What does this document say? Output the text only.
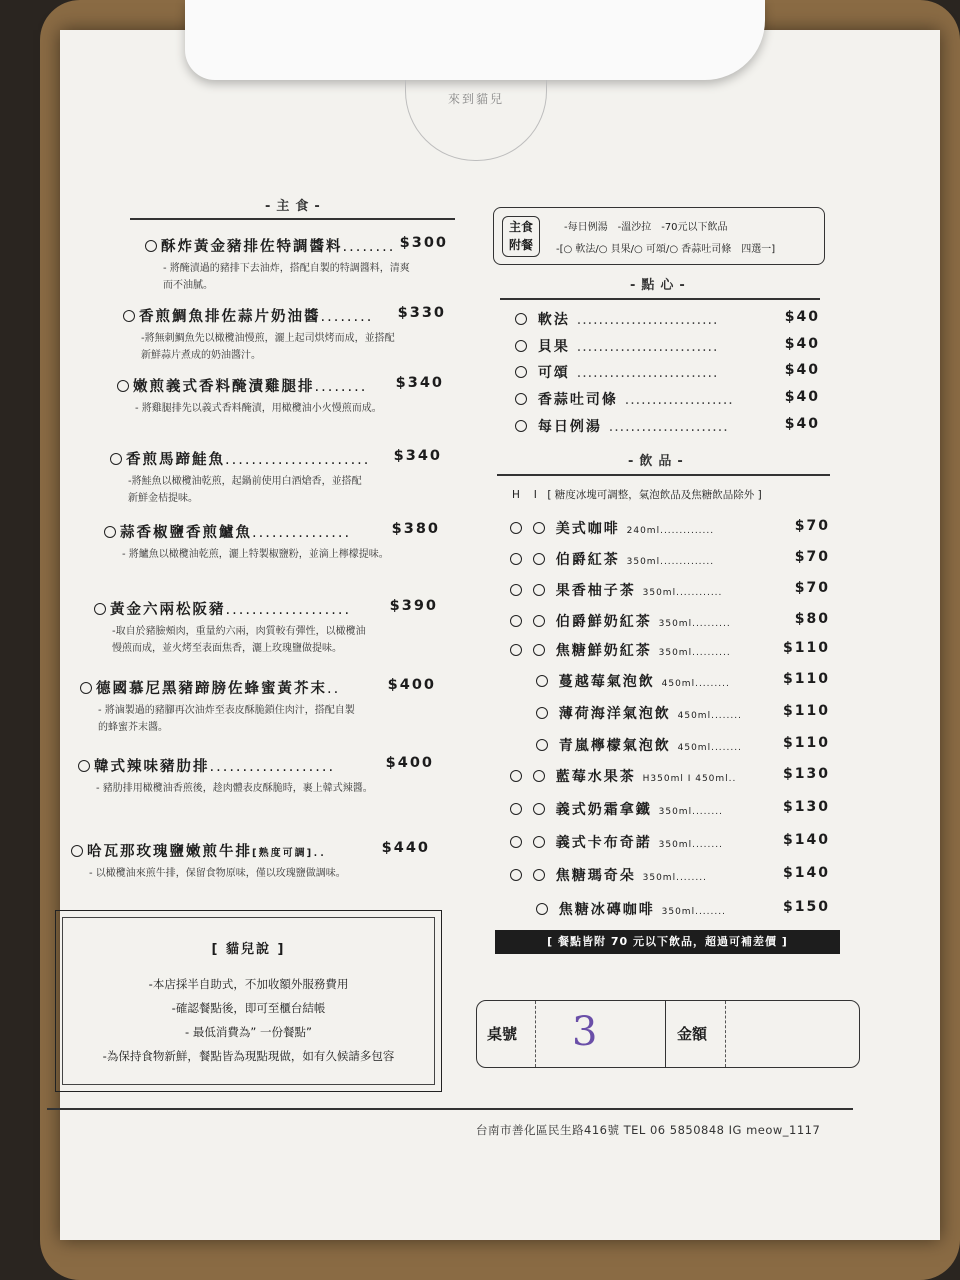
來到貓兒
-主食-
酥炸黃金豬排佐特調醬料........ $300
- 將醃漬過的豬排下去油炸，搭配自製的特調醬料，清爽
而不油膩。
香煎鯛魚排佐蒜片奶油醬........ $330
-將無刺鯛魚先以橄欖油慢煎，灑上起司烘烤而成，並搭配
新鮮蒜片煮成的奶油醬汁。
嫩煎義式香料醃漬雞腿排........ $340
- 將雞腿排先以義式香料醃漬，用橄欖油小火慢煎而成。
香煎馬蹄鮭魚...................... $340
-將鮭魚以橄欖油乾煎，起鍋前使用白酒熗香，並搭配
新鮮金桔提味。
蒜香椒鹽香煎鱸魚...............	$380
- 將鱸魚以橄欖油乾煎，灑上特製椒鹽粉，並滴上檸檬提味。
黃金六兩松阪豬...................	$390
-取自於豬臉頰肉，重量約六兩，肉質較有彈性，以橄欖油
慢煎而成，並火烤至表面焦香，灑上玫瑰鹽做提味。
德國慕尼黑豬蹄膀佐蜂蜜黃芥末..	$400
- 將滷製過的豬腳再次油炸至表皮酥脆鎖住肉汁，搭配自製
的蜂蜜芥末醬。
韓式辣味豬肋排...................	$400
- 豬肋排用橄欖油香煎後，趁肉體表皮酥脆時，裹上韓式辣醬。
哈瓦那玫瑰鹽嫩煎牛排[熟度可調]..	$440
- 以橄欖油來煎牛排，保留食物原味，僅以玫瑰鹽做調味。
主食
附餐
-每日例湯　-溫沙拉　-70元以下飲品
-[○ 軟法/○ 貝果/○ 可頌/○ 香蒜吐司條　四選一]
-點心-
軟法 ..........................	$40
貝果 ..........................	$40
可頌 ..........................	$40
香蒜吐司條 ....................	$40
每日例湯 ......................	$40
-飲品-
H　 I　[ 糖度冰塊可調整，氣泡飲品及焦糖飲品除外 ]
美式咖啡 240ml..............	$70
伯爵紅茶 350ml..............	$70
果香柚子茶 350ml............	$70
伯爵鮮奶紅茶 350ml..........	$80
焦糖鮮奶紅茶 350ml..........	$110
蔓越莓氣泡飲 450ml.........	$110
薄荷海洋氣泡飲 450ml........	$110
青嵐檸檬氣泡飲 450ml........	$110
藍莓水果茶 H350ml I 450ml..	$130
義式奶霜拿鐵 350ml........	$130
義式卡布奇諾 350ml........	$140
焦糖瑪奇朵 350ml........	$140
焦糖冰磚咖啡 350ml........	$150
[ 餐點皆附 70 元以下飲品，超過可補差價 ]
[ 貓兒說 ]
-本店採半自助式，不加收額外服務費用
-確認餐點後，即可至櫃台結帳
- 最低消費為” 一份餐點”
-為保持食物新鮮，餐點皆為現點現做，如有久候請多包容
桌號 3	金額
台南市善化區民生路416號 TEL 06 5850848 IG meow_1117
